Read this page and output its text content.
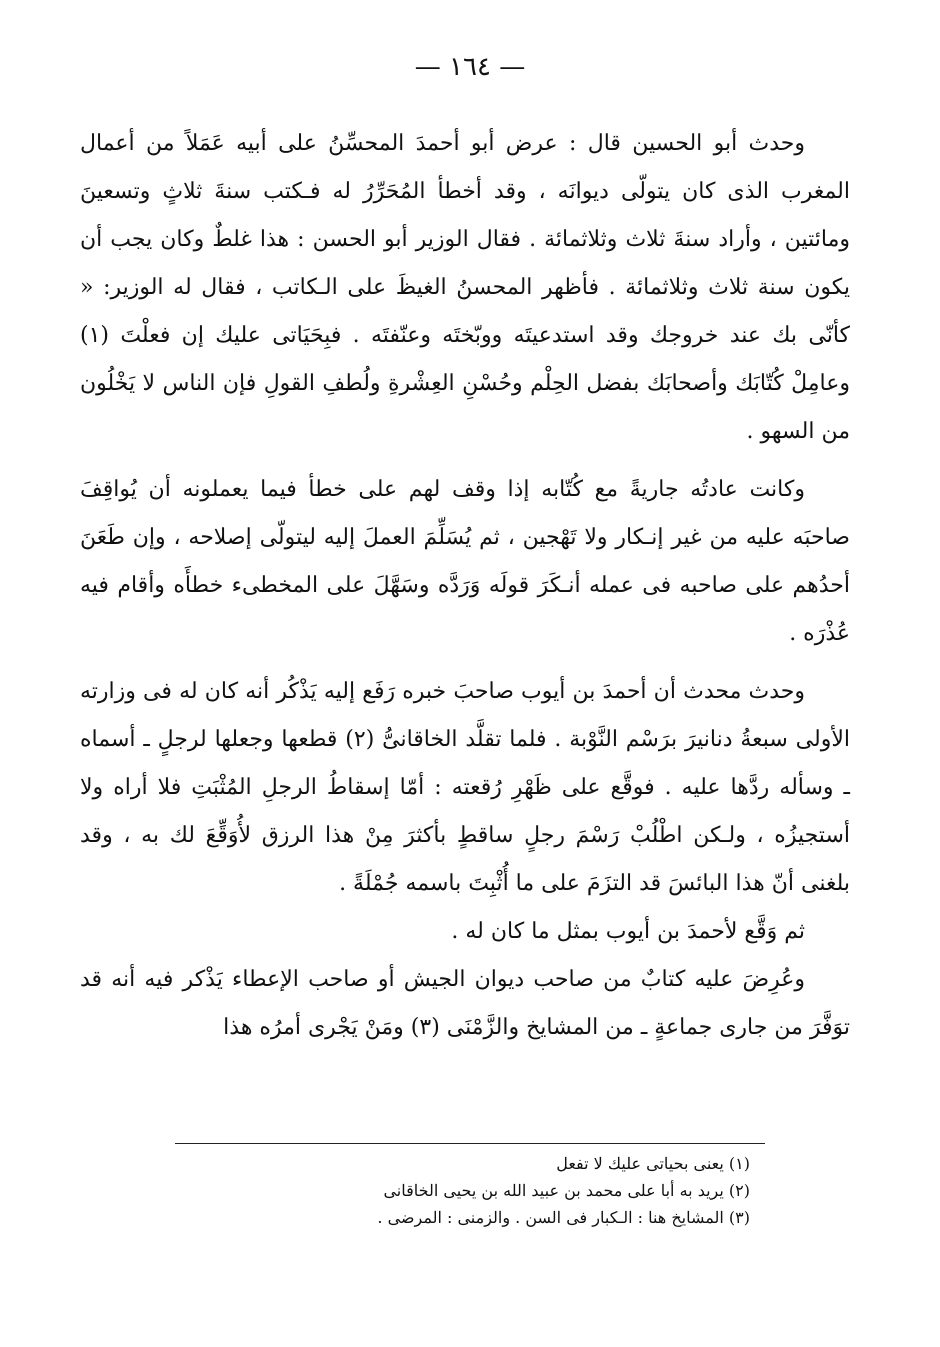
— ١٦٤ —

وحدث أبو الحسين قال : عرض أبو أحمدَ المحسِّنُ على أبيه عَمَلاً من أعمال المغرب الذى كان يتولّى ديوانَه ، وقد أخطأ المُحَرِّرُ له فـكتب سنةَ ثلاثٍ وتسعينَ ومائتين ، وأراد سنةَ ثلاث وثلاثمائة . فقال الوزير أبو الحسن : هذا غلطٌ وكان يجب أن يكون سنة ثلاث وثلاثمائة . فأظهر المحسنُ الغيظَ على الـكاتب ، فقال له الوزير: « كأنّى بك عند خروجك وقد استدعيتَه ووبّختَه وعنّفتَه . فبِحَيَاتى عليك إن فعلْتَ (١) وعامِلْ كُتّابَك وأصحابَك بفضل الحِلْم وحُسْنِ العِشْرةِ ولُطفِ القولِ فإن الناس لا يَخْلُون من السهو .

وكانت عادتُه جاريةً مع كُتّابه إذا وقف لهم على خطأ فيما يعملونه أن يُواقِفَ صاحبَه عليه من غير إنـكار ولا تَهْجين ، ثم يُسَلِّمَ العملَ إليه ليتولّى إصلاحه ، وإن طَعَنَ أحدُهم على صاحبه فى عمله أنـكَرَ قولَه وَرَدَّه وسَهَّلَ على المخطىء خطأَه وأقام فيه عُذْرَه .

وحدث محدث أن أحمدَ بن أيوب صاحبَ خبره رَفَع إليه يَذْكُر أنه كان له فى وزارته الأولى سبعةُ دنانيرَ برَسْم النَّوْبة . فلما تقلَّد الخاقانىُّ (٢) قطعها وجعلها لرجلٍ ـ أسماه ـ وسأله ردَّها عليه . فوقَّع على ظَهْرِ رُقعته : أمّا إسقاطُ الرجلِ المُثْبَتِ فلا أراه ولا أستجيزُه ، ولـكن اطْلُبْ رَسْمَ رجلٍ ساقطٍ بأكثرَ مِنْ هذا الرزق لأُوَقِّعَ لك به ، وقد بلغنى أنّ هذا البائسَ قد التزَمَ على ما أُثْبِتَ باسمه جُمْلَةً .

ثم وَقَّع لأحمدَ بن أيوب بمثل ما كان له .

وعُرِضَ عليه كتابٌ من صاحب ديوان الجيش أو صاحب الإعطاء يَذْكر فيه أنه قد توَفَّرَ من جارى جماعةٍ ـ من المشايخ والزَّمْنَى (٣) ومَنْ يَجْرى أمرُه هذا

(١) يعنى بحياتى عليك لا تفعل

(٢) يريد به أبا على محمد بن عبيد الله بن يحيى الخاقانى

(٣) المشايخ هنا : الـكبار فى السن . والزمنى : المرضى .
